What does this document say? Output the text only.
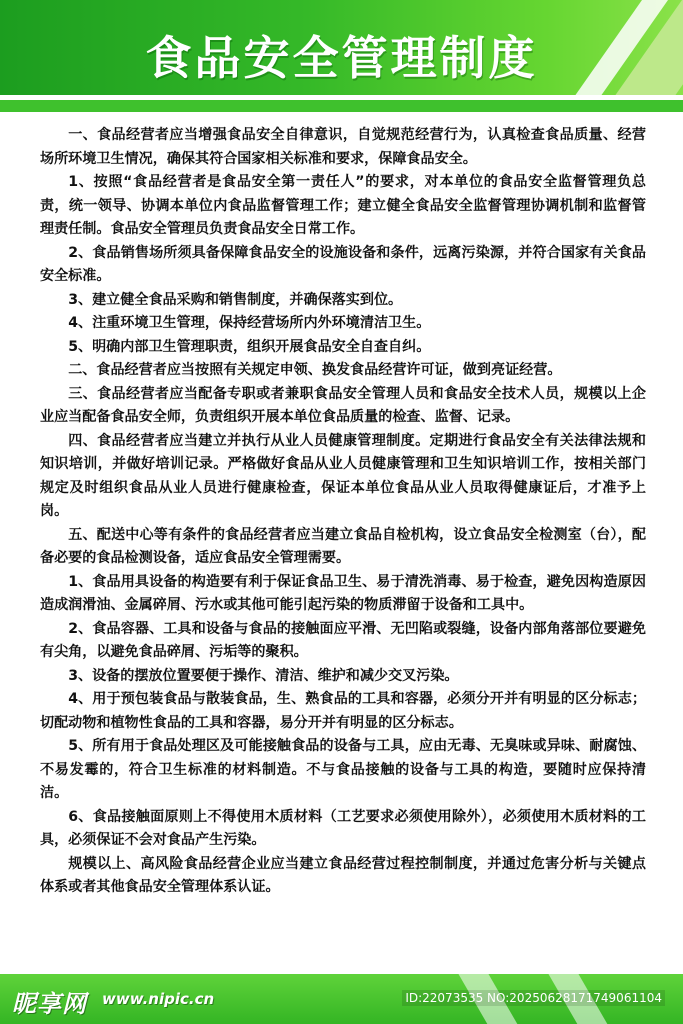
食品安全管理制度

一、食品经营者应当增强食品安全自律意识，自觉规范经营行为，认真检查食品质量、经营场所环境卫生情况，确保其符合国家相关标准和要求，保障食品安全。

1、按照“食品经营者是食品安全第一责任人”的要求，对本单位的食品安全监督管理负总责，统一领导、协调本单位内食品监督管理工作；建立健全食品安全监督管理协调机制和监督管理责任制。食品安全管理员负责食品安全日常工作。

2、食品销售场所须具备保障食品安全的设施设备和条件，远离污染源，并符合国家有关食品安全标准。

3、建立健全食品采购和销售制度，并确保落实到位。

4、注重环境卫生管理，保持经营场所内外环境清洁卫生。

5、明确内部卫生管理职责，组织开展食品安全自查自纠。

二、食品经营者应当按照有关规定申领、换发食品经营许可证，做到亮证经营。

三、食品经营者应当配备专职或者兼职食品安全管理人员和食品安全技术人员，规模以上企业应当配备食品安全师，负责组织开展本单位食品质量的检查、监督、记录。

四、食品经营者应当建立并执行从业人员健康管理制度。定期进行食品安全有关法律法规和知识培训，并做好培训记录。严格做好食品从业人员健康管理和卫生知识培训工作，按相关部门规定及时组织食品从业人员进行健康检查，保证本单位食品从业人员取得健康证后，才准予上岗。

五、配送中心等有条件的食品经营者应当建立食品自检机构，设立食品安全检测室（台），配备必要的食品检测设备，适应食品安全管理需要。

1、食品用具设备的构造要有利于保证食品卫生、易于清洗消毒、易于检查，避免因构造原因造成润滑油、金属碎屑、污水或其他可能引起污染的物质滞留于设备和工具中。

2、食品容器、工具和设备与食品的接触面应平滑、无凹陷或裂缝，设备内部角落部位要避免有尖角，以避免食品碎屑、污垢等的聚积。

3、设备的摆放位置要便于操作、清洁、维护和减少交叉污染。

4、用于预包装食品与散装食品，生、熟食品的工具和容器，必须分开并有明显的区分标志；切配动物和植物性食品的工具和容器，易分开并有明显的区分标志。

5、所有用于食品处理区及可能接触食品的设备与工具，应由无毒、无臭味或异味、耐腐蚀、不易发霉的，符合卫生标准的材料制造。不与食品接触的设备与工具的构造，要随时应保持清洁。

6、食品接触面原则上不得使用木质材料（工艺要求必须使用除外），必须使用木质材料的工具，必须保证不会对食品产生污染。

规模以上、高风险食品经营企业应当建立食品经营过程控制制度，并通过危害分析与关键点体系或者其他食品安全管理体系认证。

昵享网 www.nipic.cn	ID:22073535 NO:20250628171749061104
